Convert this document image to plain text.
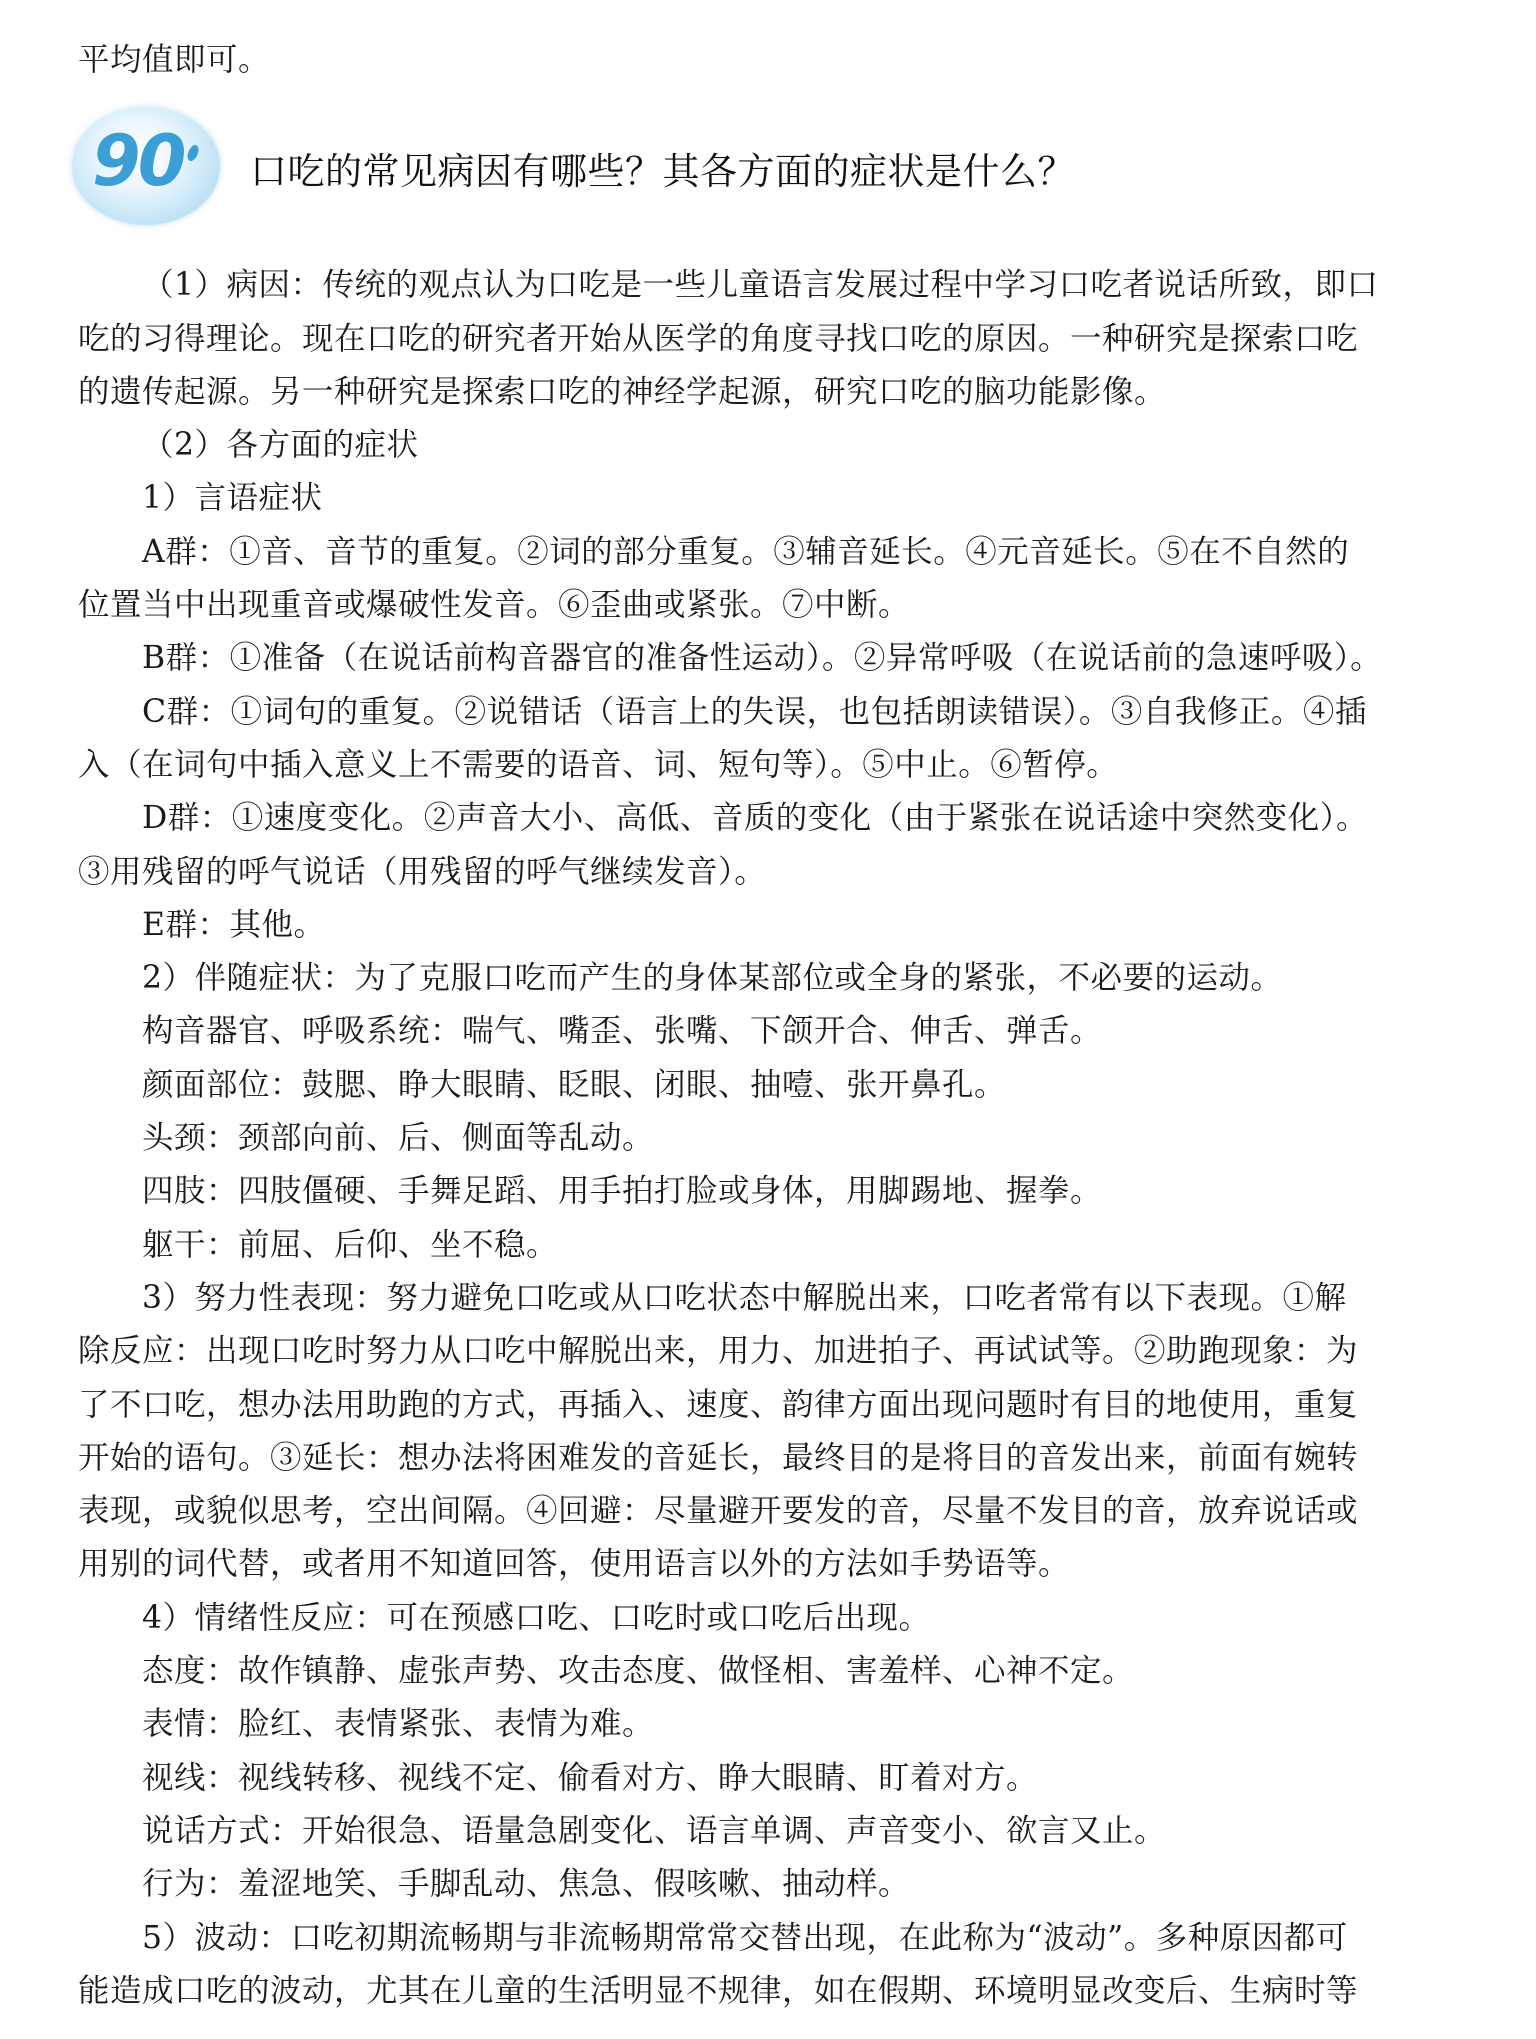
平均值即可。
90 口吃的常见病因有哪些？其各方面的症状是什么？
（1）病因：传统的观点认为口吃是一些儿童语言发展过程中学习口吃者说话所致，即口
吃的习得理论。现在口吃的研究者开始从医学的角度寻找口吃的原因。一种研究是探索口吃
的遗传起源。另一种研究是探索口吃的神经学起源，研究口吃的脑功能影像。
（2）各方面的症状
1）言语症状
A群：①音、音节的重复。②词的部分重复。③辅音延长。④元音延长。⑤在不自然的
位置当中出现重音或爆破性发音。⑥歪曲或紧张。⑦中断。
B群：①准备（在说话前构音器官的准备性运动）。②异常呼吸（在说话前的急速呼吸）。
C群：①词句的重复。②说错话（语言上的失误，也包括朗读错误）。③自我修正。④插
入（在词句中插入意义上不需要的语音、词、短句等）。⑤中止。⑥暂停。
D群：①速度变化。②声音大小、高低、音质的变化（由于紧张在说话途中突然变化）。
③用残留的呼气说话（用残留的呼气继续发音）。
E群：其他。
2）伴随症状：为了克服口吃而产生的身体某部位或全身的紧张，不必要的运动。
构音器官、呼吸系统：喘气、嘴歪、张嘴、下颌开合、伸舌、弹舌。
颜面部位：鼓腮、睁大眼睛、眨眼、闭眼、抽噎、张开鼻孔。
头颈：颈部向前、后、侧面等乱动。
四肢：四肢僵硬、手舞足蹈、用手拍打脸或身体，用脚踢地、握拳。
躯干：前屈、后仰、坐不稳。
3）努力性表现：努力避免口吃或从口吃状态中解脱出来，口吃者常有以下表现。①解
除反应：出现口吃时努力从口吃中解脱出来，用力、加进拍子、再试试等。②助跑现象：为
了不口吃，想办法用助跑的方式，再插入、速度、韵律方面出现问题时有目的地使用，重复
开始的语句。③延长：想办法将困难发的音延长，最终目的是将目的音发出来，前面有婉转
表现，或貌似思考，空出间隔。④回避：尽量避开要发的音，尽量不发目的音，放弃说话或
用别的词代替，或者用不知道回答，使用语言以外的方法如手势语等。
4）情绪性反应：可在预感口吃、口吃时或口吃后出现。
态度：故作镇静、虚张声势、攻击态度、做怪相、害羞样、心神不定。
表情：脸红、表情紧张、表情为难。
视线：视线转移、视线不定、偷看对方、睁大眼睛、盯着对方。
说话方式：开始很急、语量急剧变化、语言单调、声音变小、欲言又止。
行为：羞涩地笑、手脚乱动、焦急、假咳嗽、抽动样。
5）波动：口吃初期流畅期与非流畅期常常交替出现，在此称为“波动”。多种原因都可
能造成口吃的波动，尤其在儿童的生活明显不规律，如在假期、环境明显改变后、生病时等
